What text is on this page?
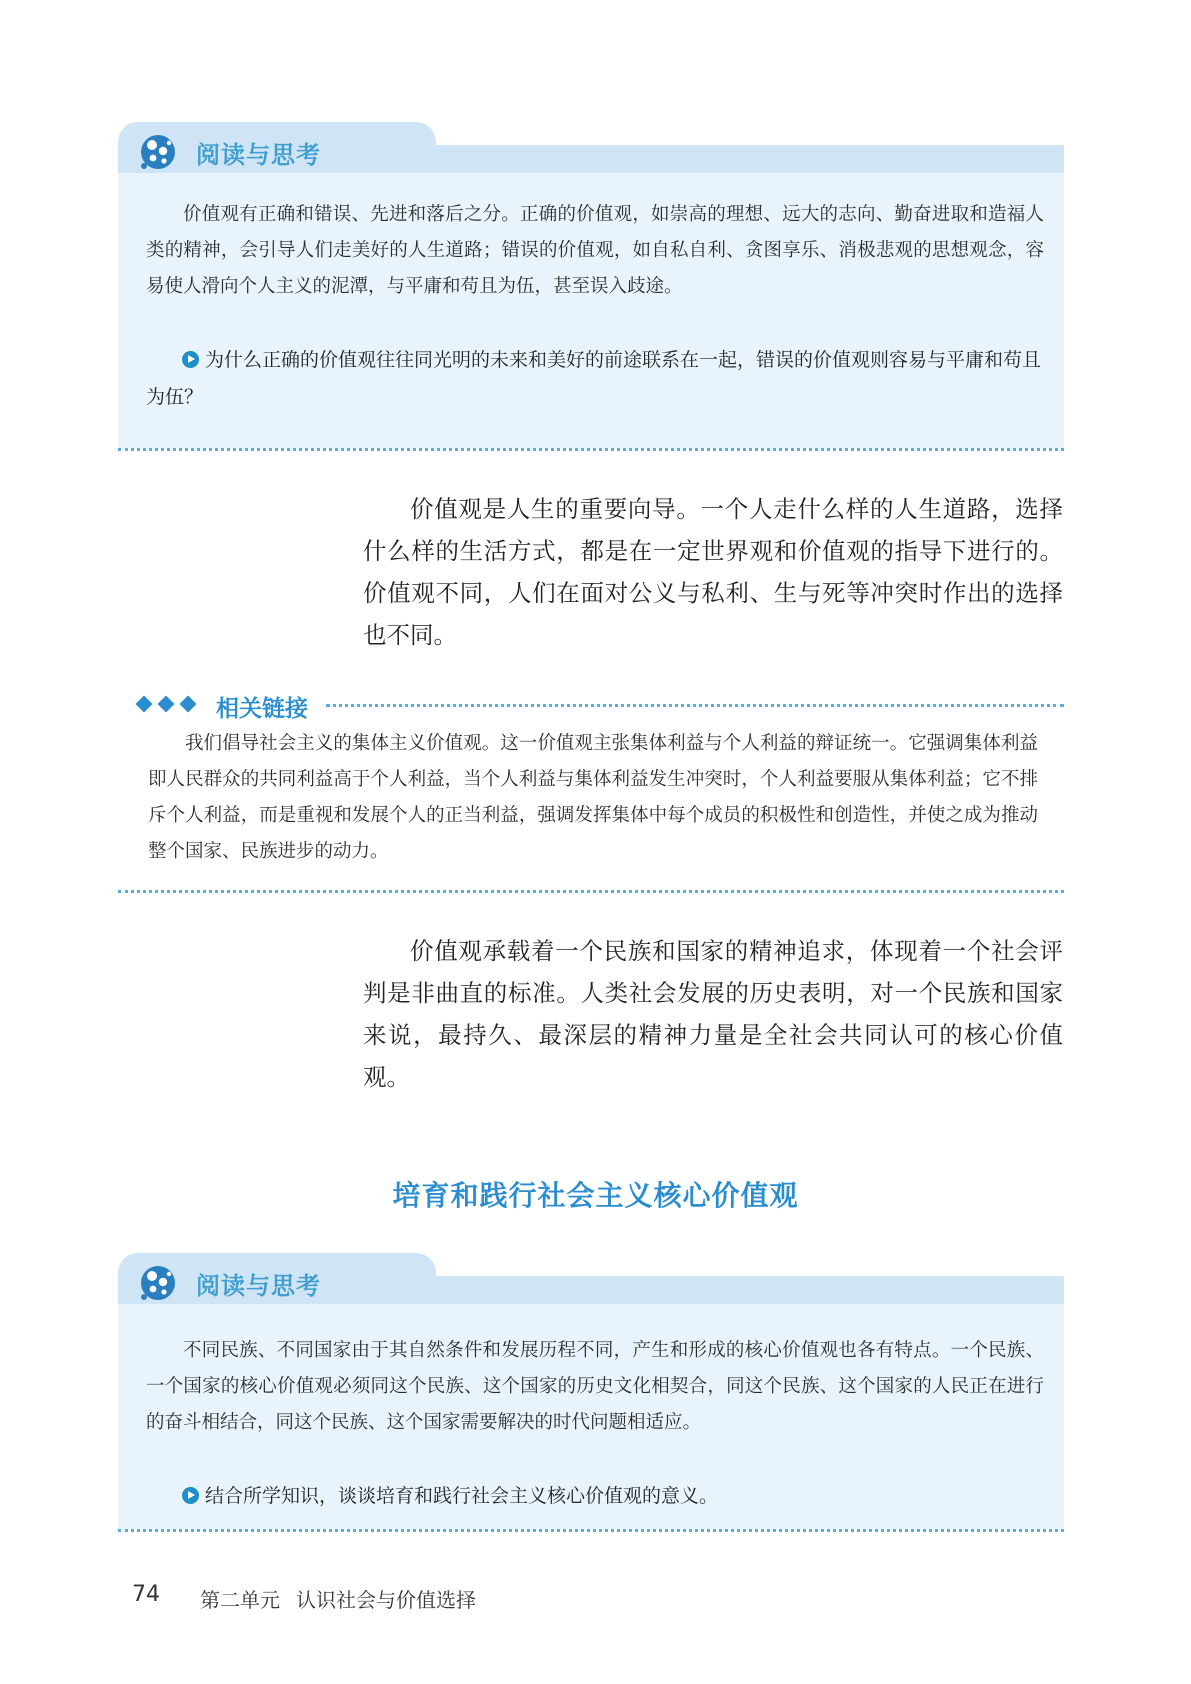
阅读与思考
价值观有正确和错误、先进和落后之分。正确的价值观，如崇高的理想、远大的志向、勤奋进取和造福人类的精神，会引导人们走美好的人生道路；错误的价值观，如自私自利、贪图享乐、消极悲观的思想观念，容易使人滑向个人主义的泥潭，与平庸和苟且为伍，甚至误入歧途。
为什么正确的价值观往往同光明的未来和美好的前途联系在一起，错误的价值观则容易与平庸和苟且为伍？
价值观是人生的重要向导。一个人走什么样的人生道路，选择什么样的生活方式，都是在一定世界观和价值观的指导下进行的。价值观不同，人们在面对公义与私利、生与死等冲突时作出的选择也不同。
相关链接
我们倡导社会主义的集体主义价值观。这一价值观主张集体利益与个人利益的辩证统一。它强调集体利益即人民群众的共同利益高于个人利益，当个人利益与集体利益发生冲突时，个人利益要服从集体利益；它不排斥个人利益，而是重视和发展个人的正当利益，强调发挥集体中每个成员的积极性和创造性，并使之成为推动整个国家、民族进步的动力。
价值观承载着一个民族和国家的精神追求，体现着一个社会评判是非曲直的标准。人类社会发展的历史表明，对一个民族和国家来说，最持久、最深层的精神力量是全社会共同认可的核心价值观。
培育和践行社会主义核心价值观
阅读与思考
不同民族、不同国家由于其自然条件和发展历程不同，产生和形成的核心价值观也各有特点。一个民族、一个国家的核心价值观必须同这个民族、这个国家的历史文化相契合，同这个民族、这个国家的人民正在进行的奋斗相结合，同这个民族、这个国家需要解决的时代问题相适应。
结合所学知识，谈谈培育和践行社会主义核心价值观的意义。
74 第二单元 认识社会与价值选择
